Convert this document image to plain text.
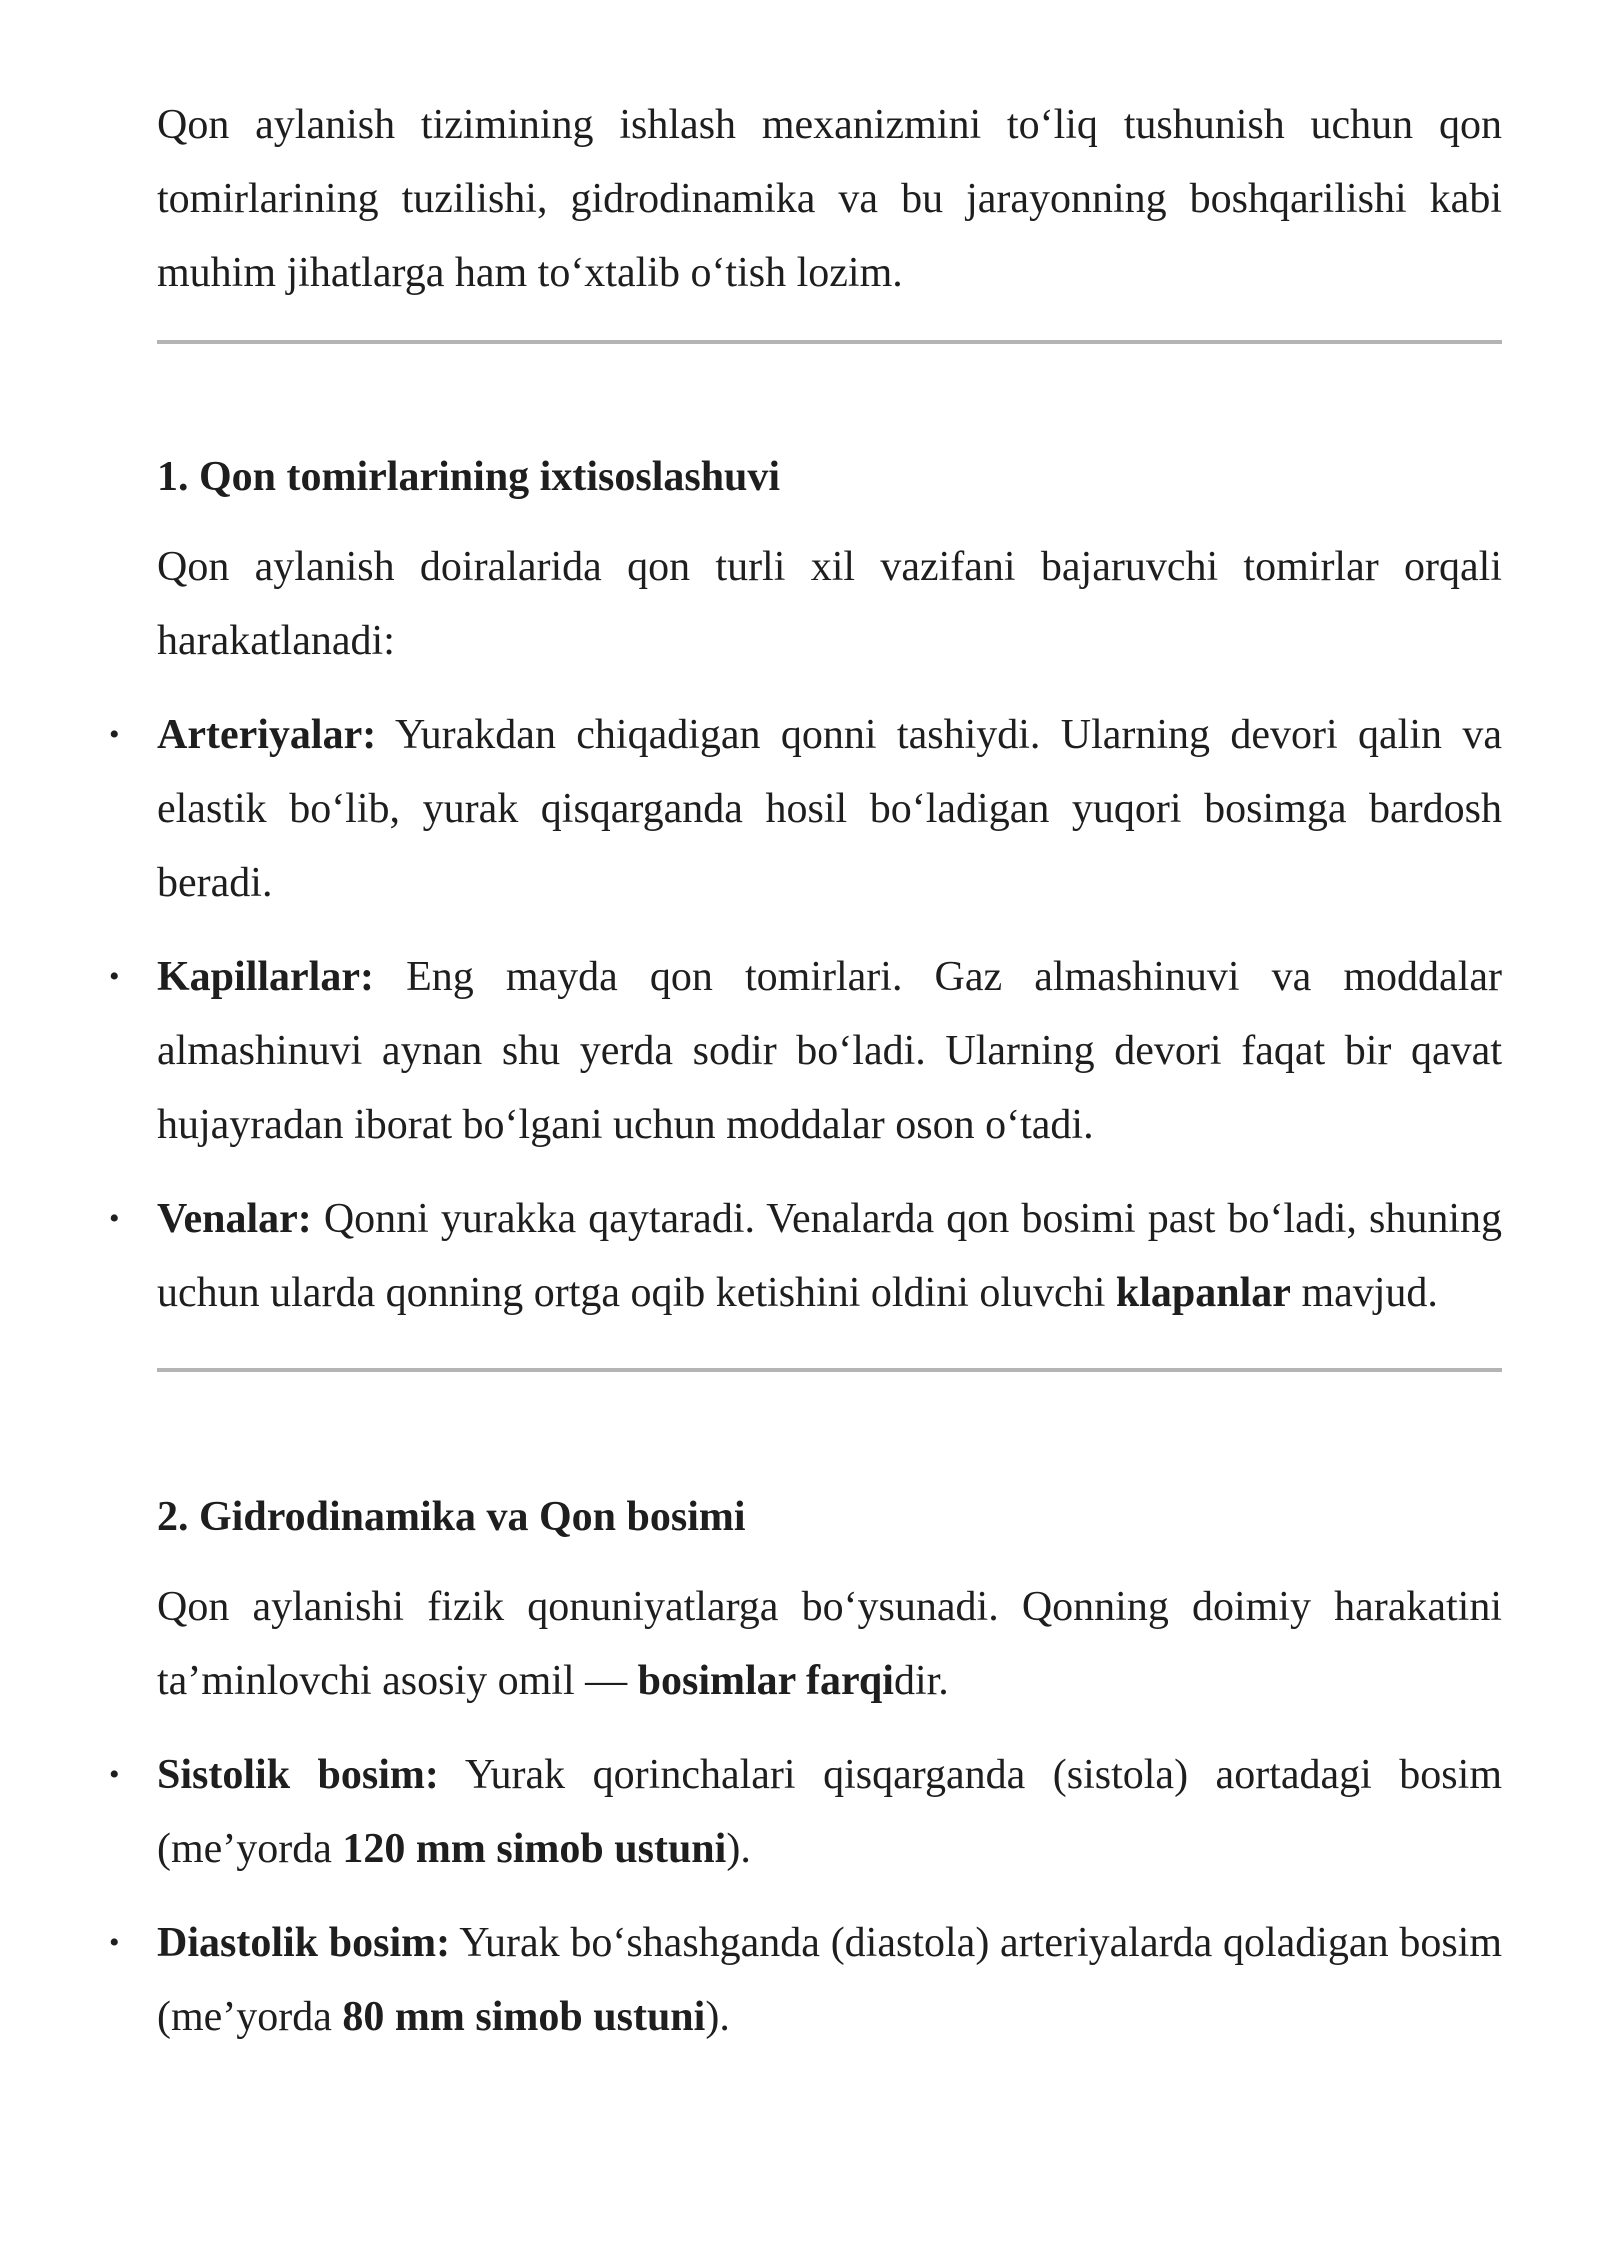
Qon aylanish tizimining ishlash mexanizmini to‘liq tushunish uchun qon tomirlarining tuzilishi, gidrodinamika va bu jarayonning boshqarilishi kabi muhim jihatlarga ham to‘xtalib o‘tish lozim.

1. Qon tomirlarining ixtisoslashuvi

Qon aylanish doiralarida qon turli xil vazifani bajaruvchi tomirlar orqali harakatlanadi:

• Arteriyalar: Yurakdan chiqadigan qonni tashiydi. Ularning devori qalin va elastik bo‘lib, yurak qisqarganda hosil bo‘ladigan yuqori bosimga bardosh beradi.

• Kapillarlar: Eng mayda qon tomirlari. Gaz almashinuvi va moddalar almashinuvi aynan shu yerda sodir bo‘ladi. Ularning devori faqat bir qavat hujayradan iborat bo‘lgani uchun moddalar oson o‘tadi.

• Venalar: Qonni yurakka qaytaradi. Venalarda qon bosimi past bo‘ladi, shuning uchun ularda qonning ortga oqib ketishini oldini oluvchi klapanlar mavjud.

2. Gidrodinamika va Qon bosimi

Qon aylanishi fizik qonuniyatlarga bo‘ysunadi. Qonning doimiy harakatini ta’minlovchi asosiy omil — bosimlar farqidir.

• Sistolik bosim: Yurak qorinchalari qisqarganda (sistola) aortadagi bosim (me’yorda 120 mm simob ustuni).

• Diastolik bosim: Yurak bo‘shashganda (diastola) arteriyalarda qoladigan bosim (me’yorda 80 mm simob ustuni).
